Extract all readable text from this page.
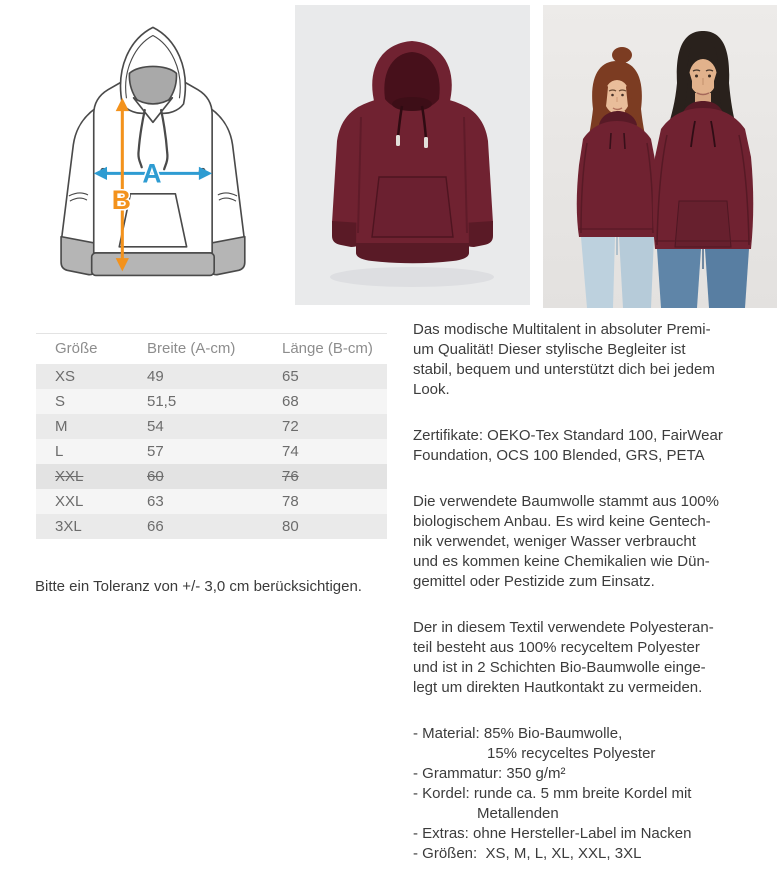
A
B
Größe	Breite (A-cm)	Länge (B-cm)
XS	49	65
S	51,5	68
M	54	72
L	57	74
XXL	60	76
XXL	63	78
3XL	66	80
Bitte ein Toleranz von +/- 3,0 cm berücksichtigen.
Das modische Multitalent in absoluter Premi-
um Qualität! Dieser stylische Begleiter ist
stabil, bequem und unterstützt dich bei jedem
Look.
Zertifikate: OEKO-Tex Standard 100, FairWear
Foundation, OCS 100 Blended, GRS, PETA
Die verwendete Baumwolle stammt aus 100%
biologischem Anbau. Es wird keine Gentech-
nik verwendet, weniger Wasser verbraucht
und es kommen keine Chemikalien wie Dün-
gemittel oder Pestizide zum Einsatz.
Der in diesem Textil verwendete Polyesteran-
teil besteht aus 100% recyceltem Polyester
und ist in 2 Schichten Bio-Baumwolle einge-
legt um direkten Hautkontakt zu vermeiden.
- Material: 85% Bio-Baumwolle,
15% recyceltes Polyester
- Grammatur: 350 g/m²
- Kordel: runde ca. 5 mm breite Kordel mit
Metallenden
- Extras: ohne Hersteller-Label im Nacken
- Größen:  XS, M, L, XL, XXL, 3XL
